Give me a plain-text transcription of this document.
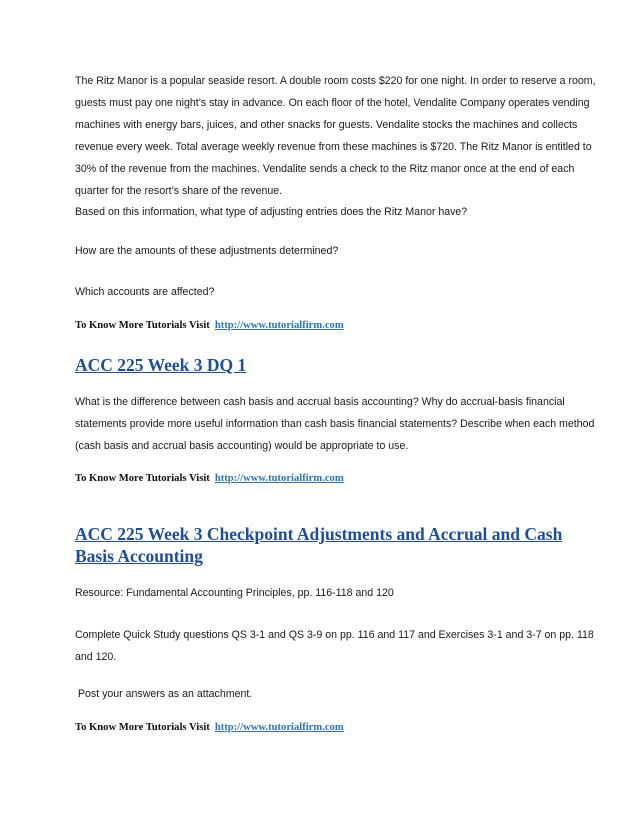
The Ritz Manor is a popular seaside resort. A double room costs $220 for one night. In order to reserve a room,
guests must pay one night’s stay in advance. On each floor of the hotel, Vendalite Company operates vending
machines with energy bars, juices, and other snacks for guests. Vendalite stocks the machines and collects
revenue every week. Total average weekly revenue from these machines is $720. The Ritz Manor is entitled to
30% of the revenue from the machines. Vendalite sends a check to the Ritz manor once at the end of each
quarter for the resort’s share of the revenue.

Based on this information, what type of adjusting entries does the Ritz Manor have?

How are the amounts of these adjustments determined?

Which accounts are affected?

To Know More Tutorials Visit http://www.tutorialfirm.com

ACC 225 Week 3 DQ 1

What is the difference between cash basis and accrual basis accounting? Why do accrual-basis financial
statements provide more useful information than cash basis financial statements? Describe when each method
(cash basis and accrual basis accounting) would be appropriate to use.

To Know More Tutorials Visit http://www.tutorialfirm.com

ACC 225 Week 3 Checkpoint Adjustments and Accrual and Cash
Basis Accounting

Resource: Fundamental Accounting Principles, pp. 116-118 and 120

Complete Quick Study questions QS 3-1 and QS 3-9 on pp. 116 and 117 and Exercises 3-1 and 3-7 on pp. 118
and 120.

Post your answers as an attachment.

To Know More Tutorials Visit http://www.tutorialfirm.com
